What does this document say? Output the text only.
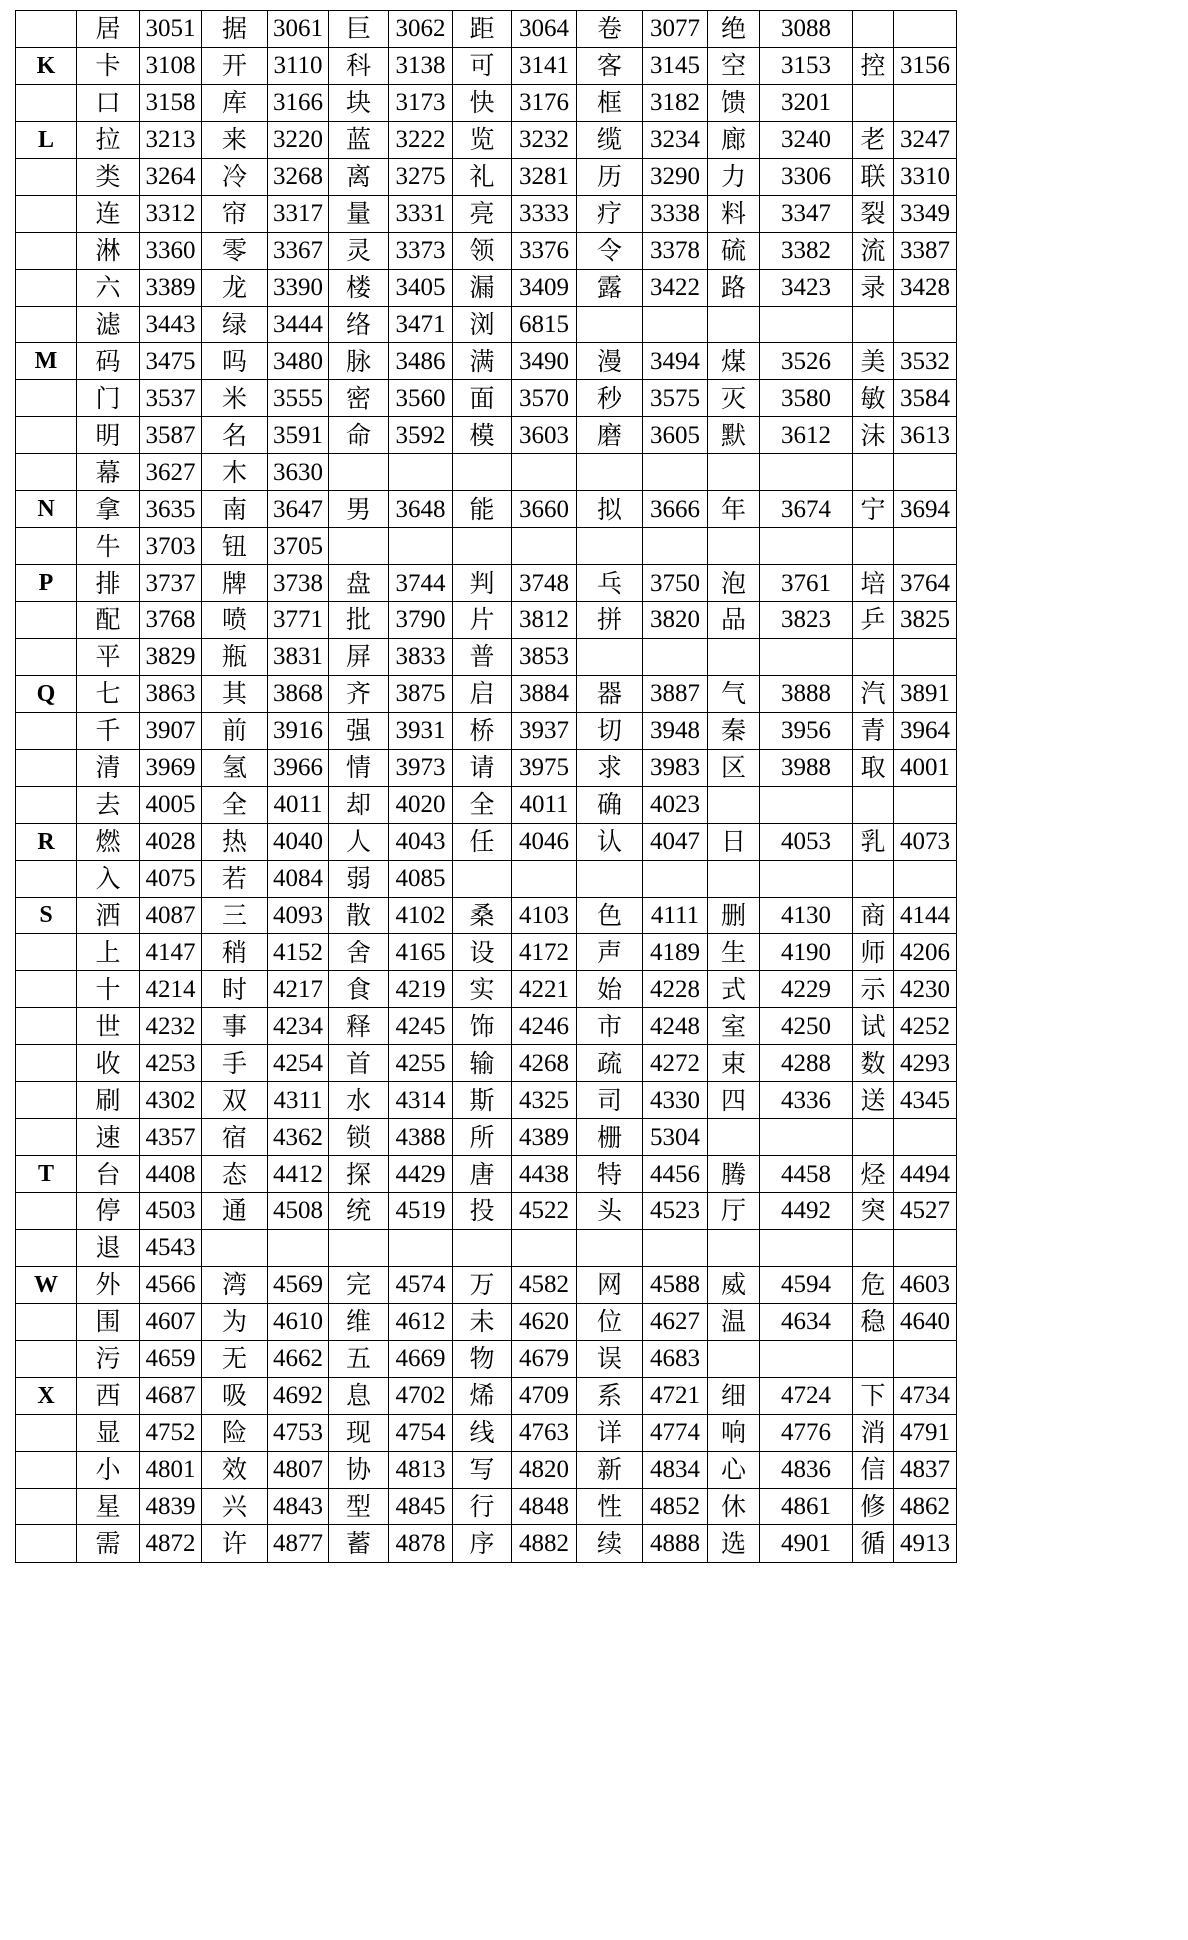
	居	3051	据	3061	巨	3062	距	3064	卷	3077	绝	3088		
K	卡	3108	开	3110	科	3138	可	3141	客	3145	空	3153	控	3156
	口	3158	库	3166	块	3173	快	3176	框	3182	馈	3201		
L	拉	3213	来	3220	蓝	3222	览	3232	缆	3234	廊	3240	老	3247
	类	3264	冷	3268	离	3275	礼	3281	历	3290	力	3306	联	3310
	连	3312	帘	3317	量	3331	亮	3333	疗	3338	料	3347	裂	3349
	淋	3360	零	3367	灵	3373	领	3376	令	3378	硫	3382	流	3387
	六	3389	龙	3390	楼	3405	漏	3409	露	3422	路	3423	录	3428
	滤	3443	绿	3444	络	3471	浏	6815						
M	码	3475	吗	3480	脉	3486	满	3490	漫	3494	煤	3526	美	3532
	门	3537	米	3555	密	3560	面	3570	秒	3575	灭	3580	敏	3584
	明	3587	名	3591	命	3592	模	3603	磨	3605	默	3612	沫	3613
	幕	3627	木	3630										
N	拿	3635	南	3647	男	3648	能	3660	拟	3666	年	3674	宁	3694
	牛	3703	钮	3705										
P	排	3737	牌	3738	盘	3744	判	3748	乓	3750	泡	3761	培	3764
	配	3768	喷	3771	批	3790	片	3812	拼	3820	品	3823	乒	3825
	平	3829	瓶	3831	屏	3833	普	3853						
Q	七	3863	其	3868	齐	3875	启	3884	器	3887	气	3888	汽	3891
	千	3907	前	3916	强	3931	桥	3937	切	3948	秦	3956	青	3964
	清	3969	氢	3966	情	3973	请	3975	求	3983	区	3988	取	4001
	去	4005	全	4011	却	4020	全	4011	确	4023				
R	燃	4028	热	4040	人	4043	任	4046	认	4047	日	4053	乳	4073
	入	4075	若	4084	弱	4085								
S	洒	4087	三	4093	散	4102	桑	4103	色	4111	删	4130	商	4144
	上	4147	稍	4152	舍	4165	设	4172	声	4189	生	4190	师	4206
	十	4214	时	4217	食	4219	实	4221	始	4228	式	4229	示	4230
	世	4232	事	4234	释	4245	饰	4246	市	4248	室	4250	试	4252
	收	4253	手	4254	首	4255	输	4268	疏	4272	束	4288	数	4293
	刷	4302	双	4311	水	4314	斯	4325	司	4330	四	4336	送	4345
	速	4357	宿	4362	锁	4388	所	4389	栅	5304				
T	台	4408	态	4412	探	4429	唐	4438	特	4456	腾	4458	烃	4494
	停	4503	通	4508	统	4519	投	4522	头	4523	厅	4492	突	4527
	退	4543												
W	外	4566	湾	4569	完	4574	万	4582	网	4588	威	4594	危	4603
	围	4607	为	4610	维	4612	未	4620	位	4627	温	4634	稳	4640
	污	4659	无	4662	五	4669	物	4679	误	4683				
X	西	4687	吸	4692	息	4702	烯	4709	系	4721	细	4724	下	4734
	显	4752	险	4753	现	4754	线	4763	详	4774	响	4776	消	4791
	小	4801	效	4807	协	4813	写	4820	新	4834	心	4836	信	4837
	星	4839	兴	4843	型	4845	行	4848	性	4852	休	4861	修	4862
	需	4872	许	4877	蓄	4878	序	4882	续	4888	选	4901	循	4913
